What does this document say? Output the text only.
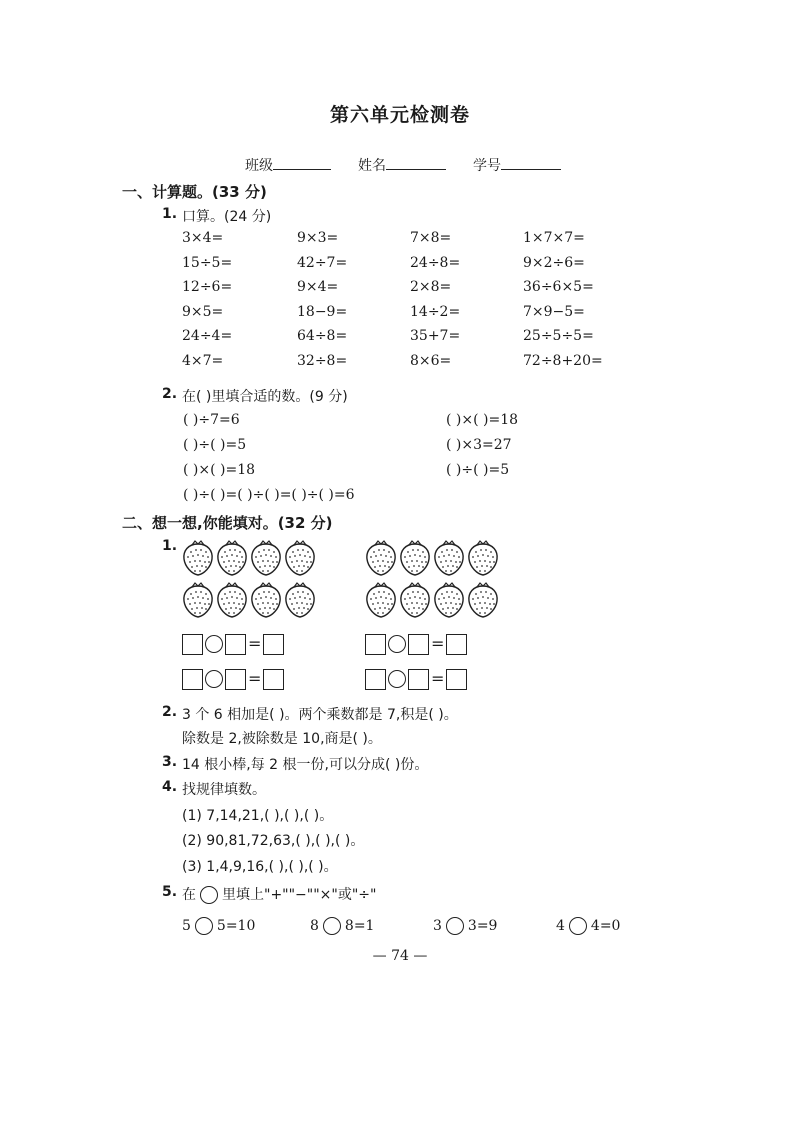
第六单元检测卷
班级	姓名	学号
一、计算题。(33 分)
1. 口算。(24 分)
3×4=	9×3=	7×8=	1×7×7=
15÷5=	42÷7=	24÷8=	9×2÷6=
12÷6=	9×4=	2×8=	36÷6×5=
9×5=	18−9=	14÷2=	7×9−5=
24÷4=	64÷8=	35+7=	25÷5÷5=
4×7=	32÷8=	8×6=	72÷8+20=
2. 在( )里填合适的数。(9 分)
( )÷7=6	( )×( )=18
( )÷( )=5	( )×3=27
( )×( )=18	( )÷( )=5
( )÷( )=( )÷( )=( )÷( )=6
二、想一想,你能填对。(32 分)
1.
=
=
=
=
2. 3 个 6 相加是( )。两个乘数都是 7,积是( )。
除数是 2,被除数是 10,商是( )。
3. 14 根小棒,每 2 根一份,可以分成( )份。
4. 找规律填数。
(1) 7,14,21,( ),( ),( )。
(2) 90,81,72,63,( ),( ),( )。
(3) 1,4,9,16,( ),( ),( )。
5. 在 里填上"+""−""×"或"÷"
5 5=10	8 8=1	3 3=9	4 4=0
— 74 —
